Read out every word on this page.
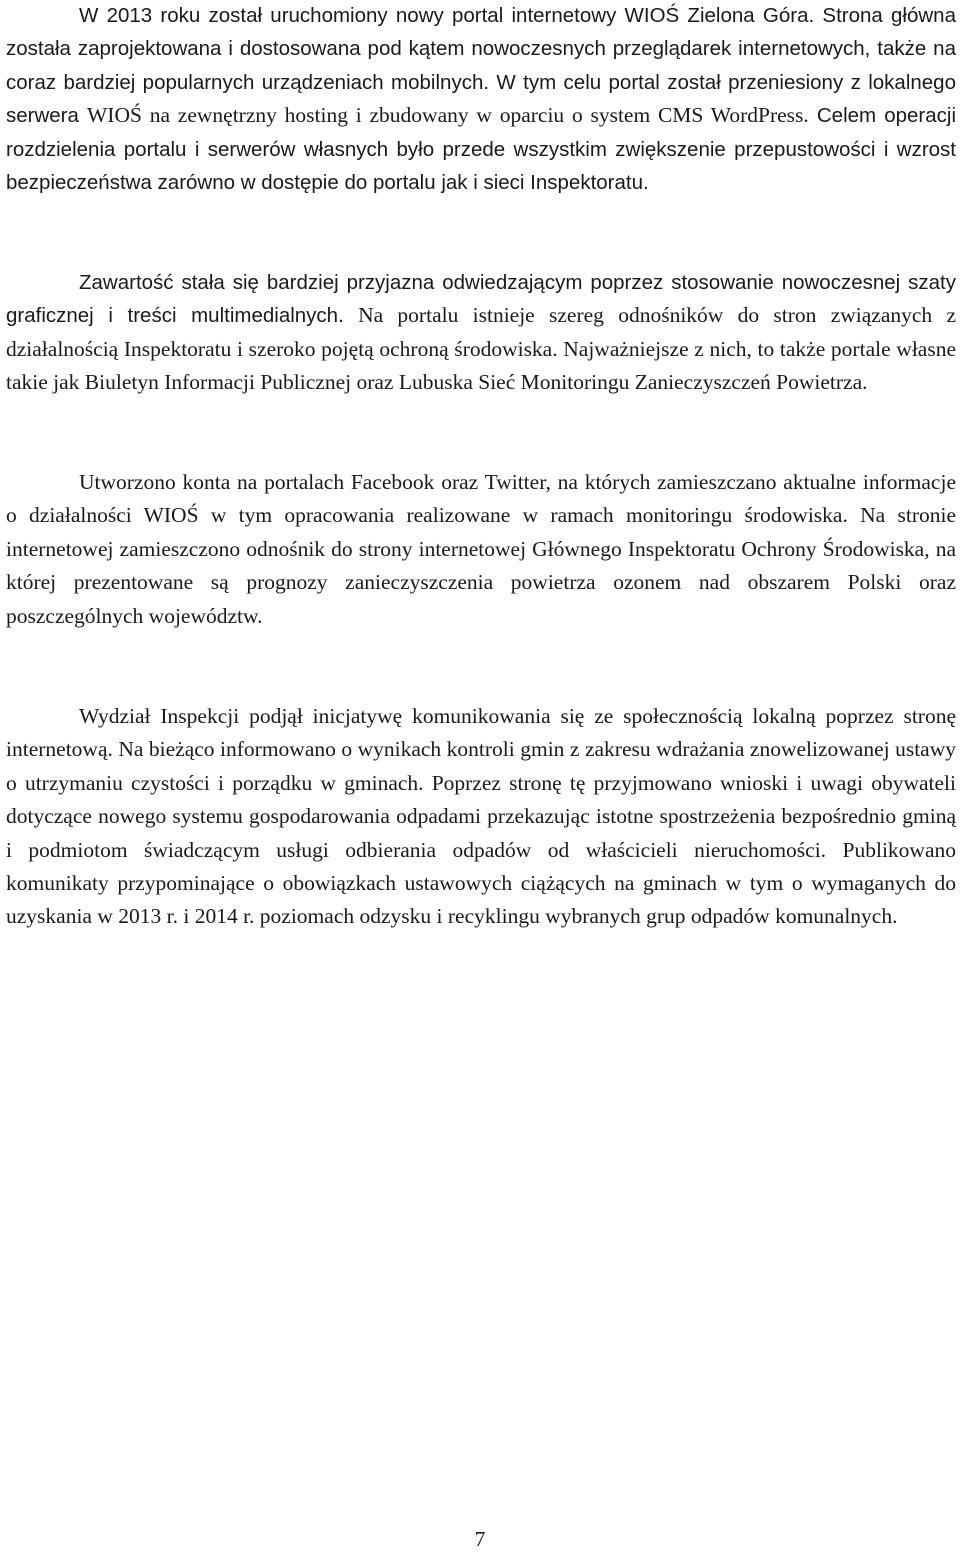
W 2013 roku został uruchomiony nowy portal internetowy WIOŚ Zielona Góra. Strona główna została zaprojektowana i dostosowana pod kątem nowoczesnych przeglądarek internetowych, także na coraz bardziej popularnych urządzeniach mobilnych. W tym celu portal został przeniesiony z lokalnego serwera WIOŚ na zewnętrzny hosting i zbudowany w oparciu o system CMS WordPress. Celem operacji rozdzielenia portalu i serwerów własnych było przede wszystkim zwiększenie przepustowości i wzrost bezpieczeństwa zarówno w dostępie do portalu jak i sieci Inspektoratu.

Zawartość stała się bardziej przyjazna odwiedzającym poprzez stosowanie nowoczesnej szaty graficznej i treści multimedialnych. Na portalu istnieje szereg odnośników do stron związanych z działalnością Inspektoratu i szeroko pojętą ochroną środowiska. Najważniejsze z nich, to także portale własne takie jak Biuletyn Informacji Publicznej oraz Lubuska Sieć Monitoringu Zanieczyszczeń Powietrza.

Utworzono konta na portalach Facebook oraz Twitter, na których zamieszczano aktualne informacje o działalności WIOŚ w tym opracowania realizowane w ramach monitoringu środowiska. Na stronie internetowej zamieszczono odnośnik do strony internetowej Głównego Inspektoratu Ochrony Środowiska, na której prezentowane są prognozy zanieczyszczenia powietrza ozonem nad obszarem Polski oraz poszczególnych województw.

Wydział Inspekcji podjął inicjatywę komunikowania się ze społecznością lokalną poprzez stronę internetową. Na bieżąco informowano o wynikach kontroli gmin z zakresu wdrażania znowelizowanej ustawy o utrzymaniu czystości i porządku w gminach. Poprzez stronę tę przyjmowano wnioski i uwagi obywateli dotyczące nowego systemu gospodarowania odpadami przekazując istotne spostrzeżenia bezpośrednio gminą i podmiotom świadczącym usługi odbierania odpadów od właścicieli nieruchomości. Publikowano komunikaty przypominające o obowiązkach ustawowych ciążących na gminach w tym o wymaganych do uzyskania w 2013 r. i 2014 r. poziomach odzysku i recyklingu wybranych grup odpadów komunalnych.

7
